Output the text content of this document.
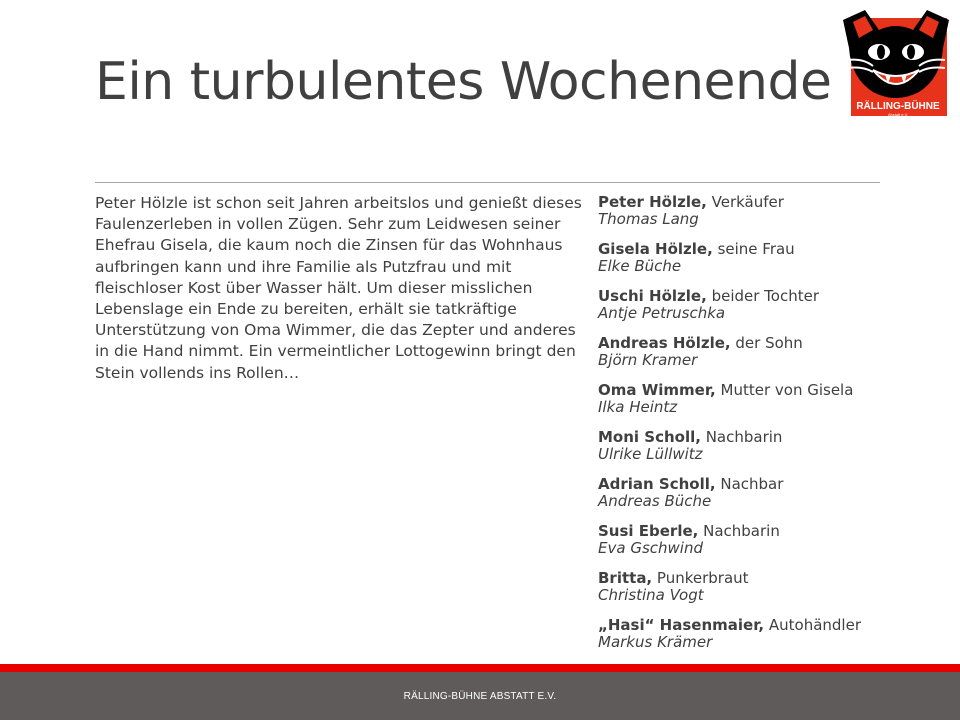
Ein turbulentes Wochenende RÄLLING-BÜHNE
Abstatt e.V.

Peter Hölzle ist schon seit Jahren arbeitslos und genießt dieses Faulenzerleben in vollen Zügen. Sehr zum Leidwesen seiner Ehefrau Gisela, die kaum noch die Zinsen für das Wohnhaus aufbringen kann und ihre Familie als Putzfrau und mit fleischloser Kost über Wasser hält. Um dieser misslichen Lebenslage ein Ende zu bereiten, erhält sie tatkräftige Unterstützung von Oma Wimmer, die das Zepter und anderes in die Hand nimmt. Ein vermeintlicher Lottogewinn bringt den Stein vollends ins Rollen…

Peter Hölzle, Verkäufer
Thomas Lang
Gisela Hölzle, seine Frau
Elke Büche
Uschi Hölzle, beider Tochter
Antje Petruschka
Andreas Hölzle, der Sohn
Björn Kramer
Oma Wimmer, Mutter von Gisela
Ilka Heintz
Moni Scholl, Nachbarin
Ulrike Lüllwitz
Adrian Scholl, Nachbar
Andreas Büche
Susi Eberle, Nachbarin
Eva Gschwind
Britta, Punkerbraut
Christina Vogt
„Hasi“ Hasenmaier, Autohändler
Markus Krämer
RÄLLING-BÜHNE ABSTATT E.V.
